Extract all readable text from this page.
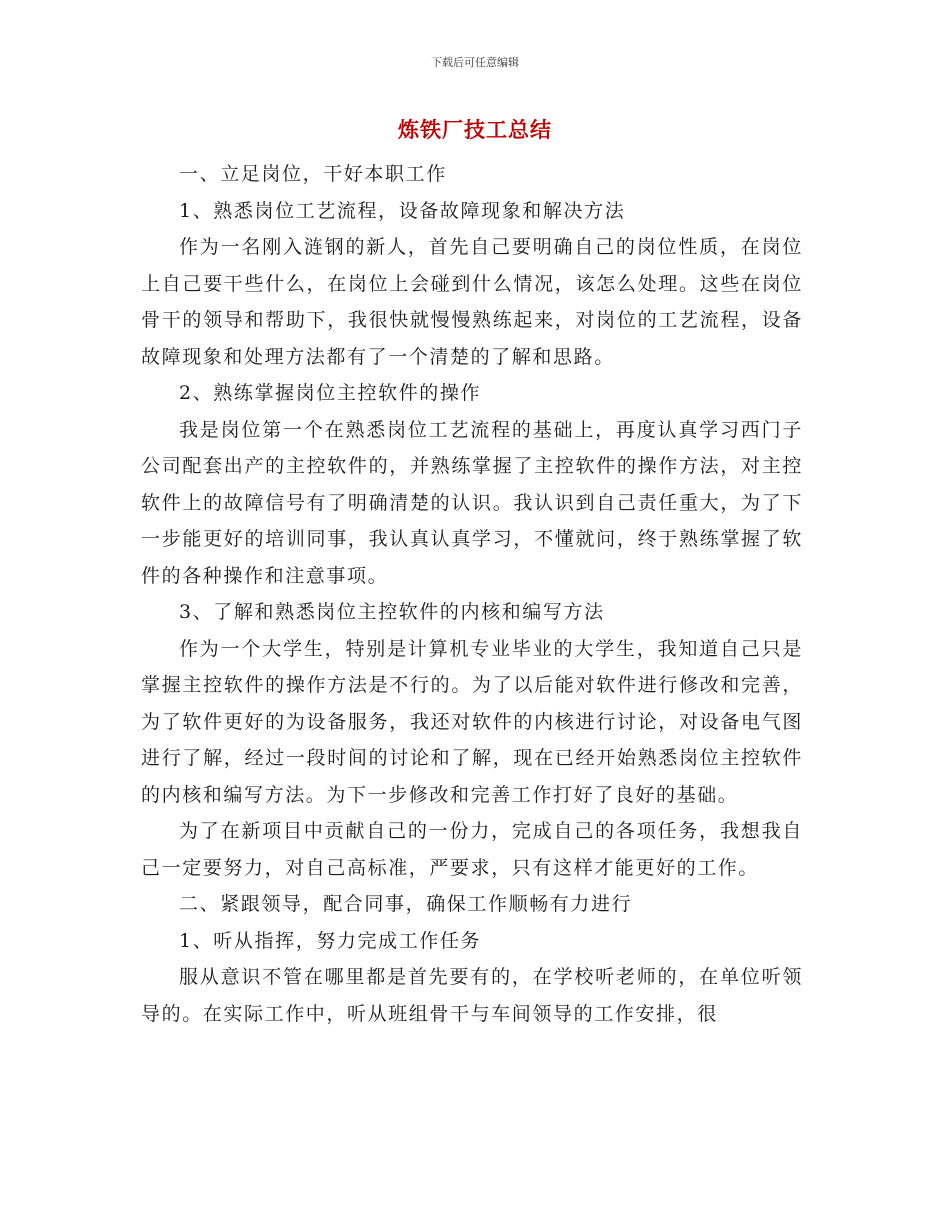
下载后可任意编辑
炼铁厂技工总结

一、立足岗位，干好本职工作

1、熟悉岗位工艺流程，设备故障现象和解决方法

作为一名刚入涟钢的新人，首先自己要明确自己的岗位性质，在岗位上自己要干些什么，在岗位上会碰到什么情况，该怎么处理。这些在岗位骨干的领导和帮助下，我很快就慢慢熟练起来，对岗位的工艺流程，设备故障现象和处理方法都有了一个清楚的了解和思路。

2、熟练掌握岗位主控软件的操作

我是岗位第一个在熟悉岗位工艺流程的基础上，再度认真学习西门子公司配套出产的主控软件的，并熟练掌握了主控软件的操作方法，对主控软件上的故障信号有了明确清楚的认识。我认识到自己责任重大，为了下一步能更好的培训同事，我认真认真学习，不懂就问，终于熟练掌握了软件的各种操作和注意事项。

3、了解和熟悉岗位主控软件的内核和编写方法

作为一个大学生，特别是计算机专业毕业的大学生，我知道自己只是掌握主控软件的操作方法是不行的。为了以后能对软件进行修改和完善，为了软件更好的为设备服务，我还对软件的内核进行讨论，对设备电气图进行了解，经过一段时间的讨论和了解，现在已经开始熟悉岗位主控软件的内核和编写方法。为下一步修改和完善工作打好了良好的基础。

为了在新项目中贡献自己的一份力，完成自己的各项任务，我想我自己一定要努力，对自己高标准，严要求，只有这样才能更好的工作。

二、紧跟领导，配合同事，确保工作顺畅有力进行

1、听从指挥，努力完成工作任务

服从意识不管在哪里都是首先要有的，在学校听老师的，在单位听领导的。在实际工作中，听从班组骨干与车间领导的工作安排，很
